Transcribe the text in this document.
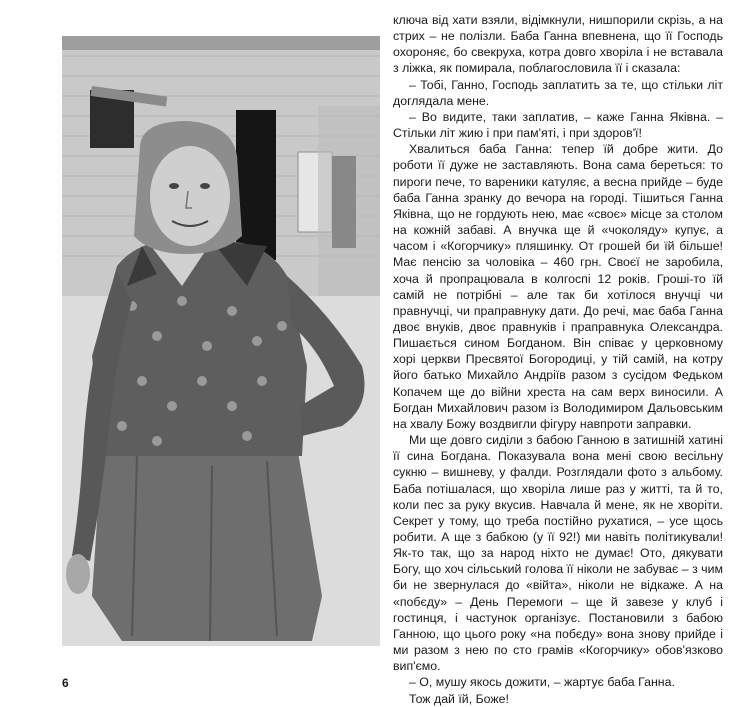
ключа від хати взяли, відімкнули, нишпорили скрізь, а на стрих – не полізли. Баба Ганна впевнена, що її Господь охороняє, бо свекруха, котра довго хворіла і не вставала з ліжка, як помирала, поблагословила її і сказала:

– Тобі, Ганно, Господь заплатить за те, що стільки літ доглядала мене.

– Во видите, таки заплатив, – каже Ганна Яківна. – Стільки літ жию і при пам'яті, і при здоров'ї!

Хвалиться баба Ганна: тепер їй добре жити. До роботи її дуже не заставляють. Вона сама береться: то пироги пече, то вареники катуляє, а весна прийде – буде баба Ганна зранку до вечора на городі. Тішиться Ганна Яківна, що не гордують нею, має «своє» місце за столом на кожній забаві. А внучка ще й «чоколяду» купує, а часом і «Когорчику» пляшинку. От грошей би їй більше! Має пенсію за чоловіка – 460 грн. Своєї не заробила, хоча й пропрацювала в колгоспі 12 років. Гроші-то їй самій не потрібні – але так би хотілося внучці чи правнучці, чи праправнуку дати. До речі, має баба Ганна двоє внуків, двоє правнуків і праправнука Олександра. Пишається сином Богданом. Він співає у церковному хорі церкви Пресвятої Богородиці, у тій самій, на котру його батько Михайло Андріїв разом з сусідом Федьком Копачем ще до війни хреста на сам верх виносили. А Богдан Михайлович разом із Володимиром Дальовським на хвалу Божу воздвигли фігуру навпроти заправки.

Ми ще довго сиділи з бабою Ганною в затишній хатині її сина Богдана. Показувала вона мені свою весільну сукню – вишневу, у фалди. Розглядали фото з альбому. Баба потішалася, що хворіла лише раз у житті, та й то, коли пес за руку вкусив. Навчала й мене, як не хворіти. Секрет у тому, що треба постійно рухатися, – усе щось робити. А ще з бабкою (у її 92!) ми навіть політикували! Як-то так, що за народ ніхто не думає! Ото, дякувати Богу, що хоч сільський голова її ніколи не забуває – з чим би не звернулася до «війта», ніколи не відкаже. А на «побєду» – День Перемоги – ще й завезе у клуб і гостинця, і частунок організує. Постановили з бабою Ганною, що цього року «на побєду» вона знову прийде і ми разом з нею по сто грамів «Когорчику» обов'язково вип'ємо.

– О, мушу якось дожити, – жартує баба Ганна.

Тож дай їй, Боже!

6
